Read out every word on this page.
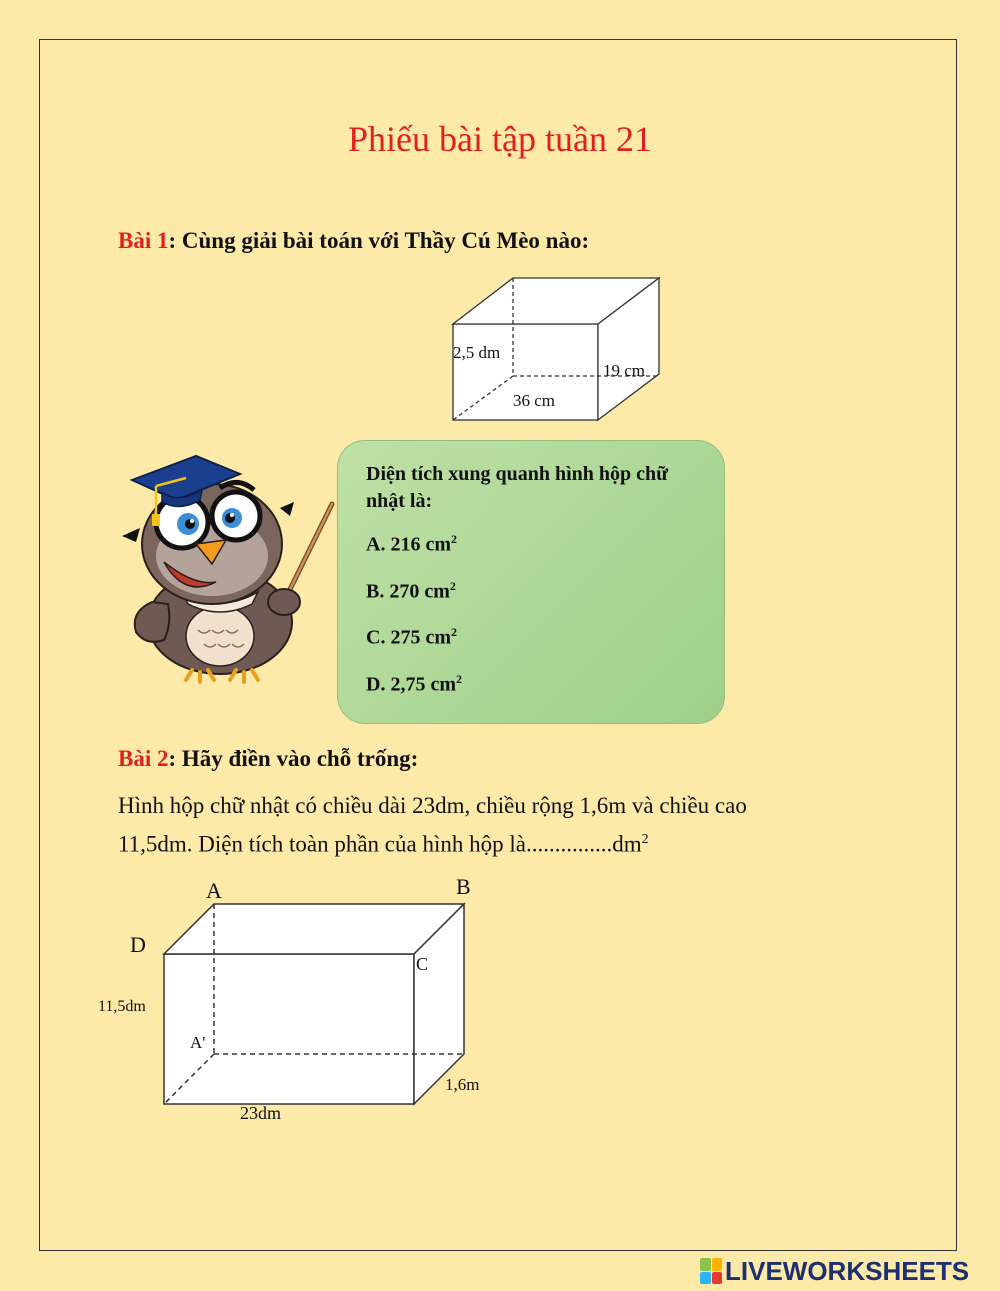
Phiếu bài tập tuần 21
Bài 1: Cùng giải bài toán với Thầy Cú Mèo nào:
2,5 dm
19 cm
36 cm
Diện tích xung quanh hình hộp chữ nhật là:
A. 216 $cm^2$
B. 270 $cm^2$
C. 275 $cm^2$
D. 2,75 $cm^2$
Bài 2: Hãy điền vào chỗ trống:
Hình hộp chữ nhật có chiều dài 23dm, chiều rộng 1,6m và chiều cao
11,5dm. Diện tích toàn phần của hình hộp $là...............dm^2$
A	B
C
D
A'
11,5dm
1,6m
23dm
LIVEWORKSHEETS
